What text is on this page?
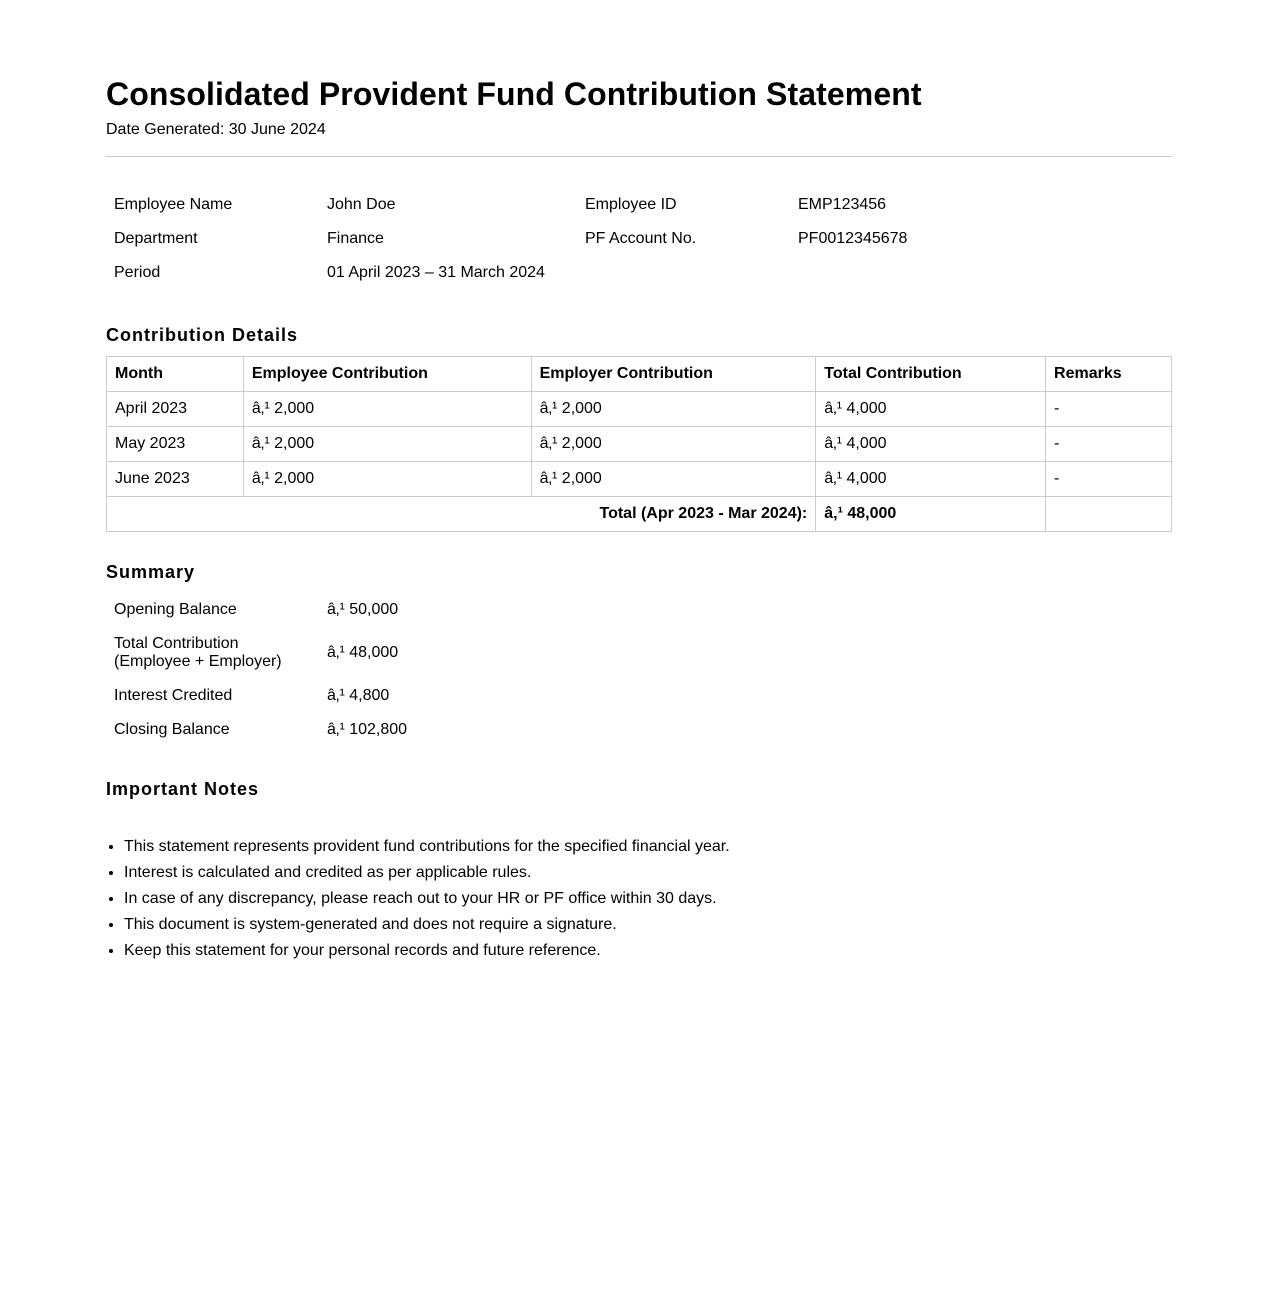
Consolidated Provident Fund Contribution Statement
Date Generated: 30 June 2024
Employee Name	John Doe	Employee ID	EMP123456
Department	Finance	PF Account No.	PF0012345678
Period	01 April 2023 – 31 March 2024		
Contribution Details
Month	Employee Contribution	Employer Contribution	Total Contribution	Remarks
April 2023	â‚¹ 2,000	â‚¹ 2,000	â‚¹ 4,000	-
May 2023	â‚¹ 2,000	â‚¹ 2,000	â‚¹ 4,000	-
June 2023	â‚¹ 2,000	â‚¹ 2,000	â‚¹ 4,000	-
Total (Apr 2023 - Mar 2024):			â‚¹ 48,000	
Summary
Opening Balance	â‚¹ 50,000

Total Contribution
(Employee + Employer)	â‚¹ 48,000
Interest Credited	â‚¹ 4,800
Closing Balance	â‚¹ 102,800
Important Notes
• This statement represents provident fund contributions for the specified financial year.
• Interest is calculated and credited as per applicable rules.
• In case of any discrepancy, please reach out to your HR or PF office within 30 days.
• This document is system-generated and does not require a signature.
• Keep this statement for your personal records and future reference.
